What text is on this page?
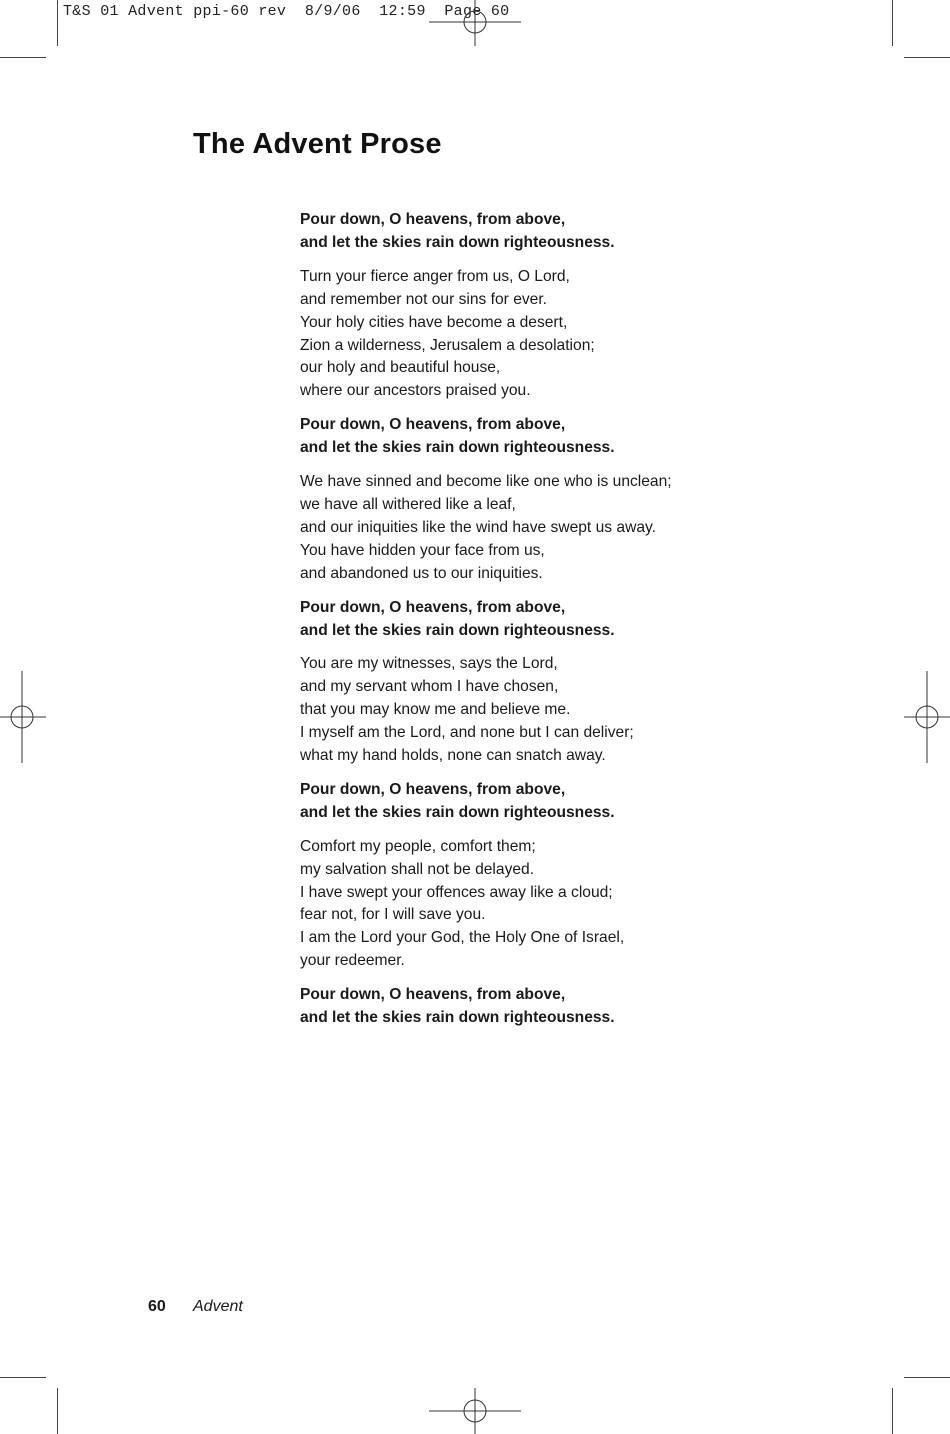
T&S 01 Advent ppi-60 rev  8/9/06  12:59  Page 60
The Advent Prose

Pour down, O heavens, from above,
and let the skies rain down righteousness.

Turn your fierce anger from us, O Lord,
and remember not our sins for ever.
Your holy cities have become a desert,
Zion a wilderness, Jerusalem a desolation;
our holy and beautiful house,
where our ancestors praised you.

Pour down, O heavens, from above,
and let the skies rain down righteousness.

We have sinned and become like one who is unclean;
we have all withered like a leaf,
and our iniquities like the wind have swept us away.
You have hidden your face from us,
and abandoned us to our iniquities.

Pour down, O heavens, from above,
and let the skies rain down righteousness.

You are my witnesses, says the Lord,
and my servant whom I have chosen,
that you may know me and believe me.
I myself am the Lord, and none but I can deliver;
what my hand holds, none can snatch away.

Pour down, O heavens, from above,
and let the skies rain down righteousness.

Comfort my people, comfort them;
my salvation shall not be delayed.
I have swept your offences away like a cloud;
fear not, for I will save you.
I am the Lord your God, the Holy One of Israel,
your redeemer.

Pour down, O heavens, from above,
and let the skies rain down righteousness.

60 Advent
